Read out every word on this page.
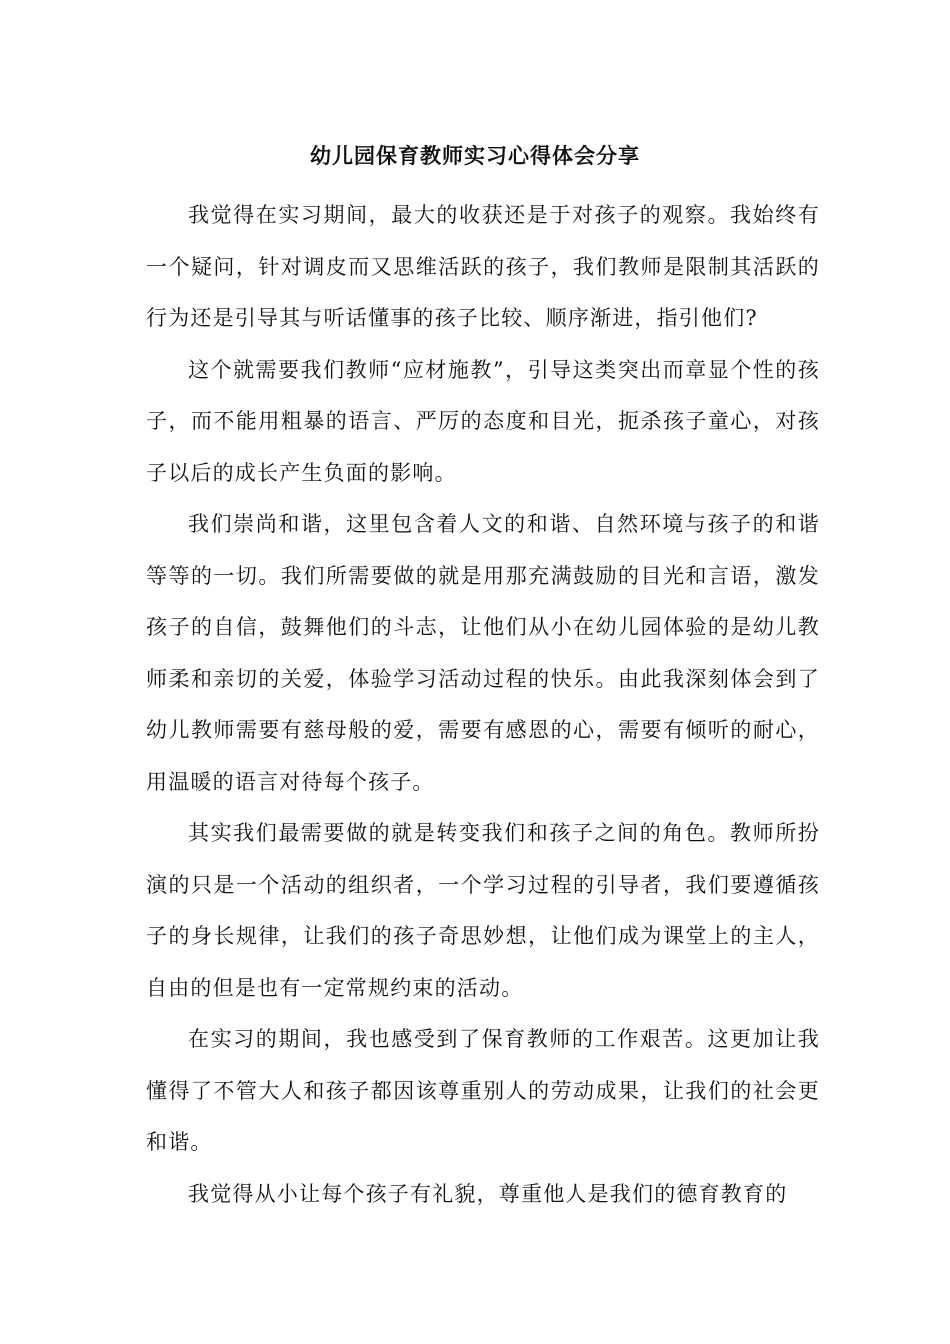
幼儿园保育教师实习心得体会分享

我觉得在实习期间，最大的收获还是于对孩子的观察。我始终有一个疑问，针对调皮而又思维活跃的孩子，我们教师是限制其活跃的行为还是引导其与听话懂事的孩子比较、顺序渐进，指引他们?

这个就需要我们教师“应材施教”，引导这类突出而章显个性的孩子，而不能用粗暴的语言、严厉的态度和目光，扼杀孩子童心，对孩子以后的成长产生负面的影响。

我们崇尚和谐，这里包含着人文的和谐、自然环境与孩子的和谐等等的一切。我们所需要做的就是用那充满鼓励的目光和言语，激发孩子的自信，鼓舞他们的斗志，让他们从小在幼儿园体验的是幼儿教师柔和亲切的关爱，体验学习活动过程的快乐。由此我深刻体会到了幼儿教师需要有慈母般的爱，需要有感恩的心，需要有倾听的耐心，用温暖的语言对待每个孩子。

其实我们最需要做的就是转变我们和孩子之间的角色。教师所扮演的只是一个活动的组织者，一个学习过程的引导者，我们要遵循孩子的身长规律，让我们的孩子奇思妙想，让他们成为课堂上的主人，自由的但是也有一定常规约束的活动。

在实习的期间，我也感受到了保育教师的工作艰苦。这更加让我懂得了不管大人和孩子都因该尊重别人的劳动成果，让我们的社会更和谐。

我觉得从小让每个孩子有礼貌，尊重他人是我们的德育教育的
